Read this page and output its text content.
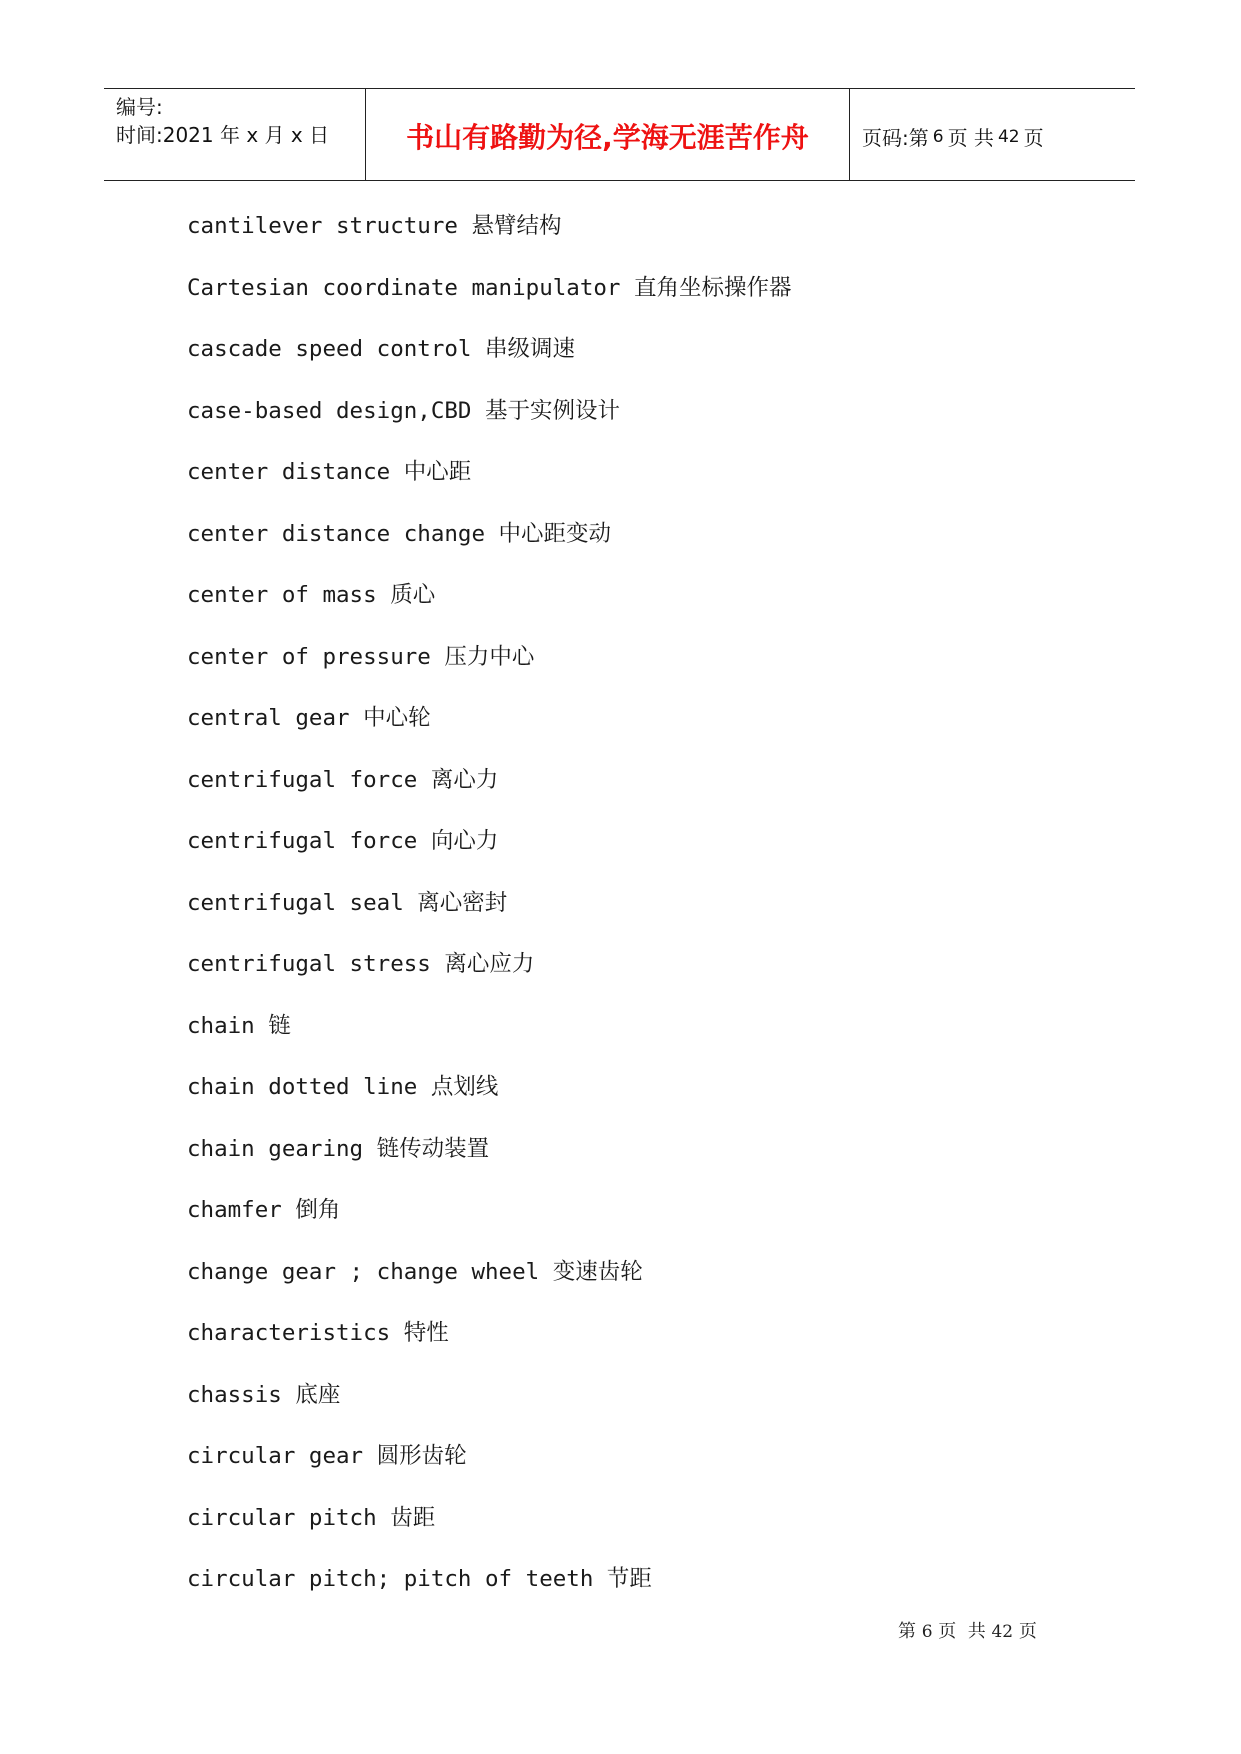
编号:
时间:2021 年 x 月 x 日	书山有路勤为径,学海无涯苦作舟	页码:第 6 页 共 42 页
cantilever structure 悬臂结构
Cartesian coordinate manipulator 直角坐标操作器
cascade speed control 串级调速
case-based design,CBD 基于实例设计
center distance 中心距
center distance change 中心距变动
center of mass 质心
center of pressure 压力中心
central gear 中心轮
centrifugal force 离心力
centrifugal force 向心力
centrifugal seal 离心密封
centrifugal stress 离心应力
chain 链
chain dotted line 点划线
chain gearing 链传动装置
chamfer 倒角
change gear ; change wheel 变速齿轮
characteristics 特性
chassis 底座
circular gear 圆形齿轮
circular pitch 齿距
circular pitch; pitch of teeth 节距
第 6 页  共 42 页
